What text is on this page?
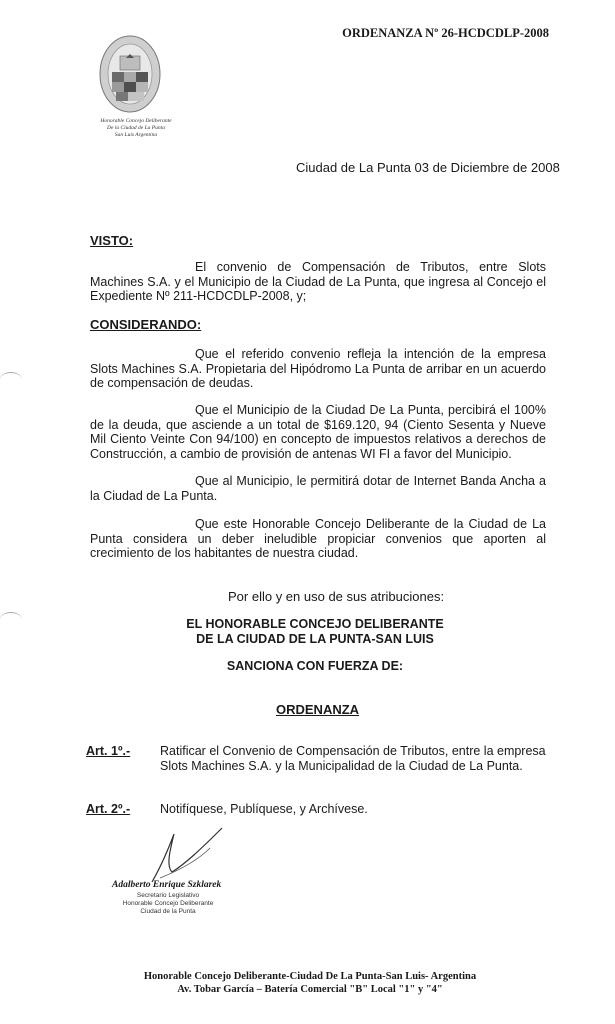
ORDENANZA Nº 26-HCDCDLP-2008
Honorable Concejo Deliberante
De la Ciudad de La Punta
San Luis Argentina
Ciudad de La Punta 03 de Diciembre de 2008
VISTO:
El convenio de Compensación de Tributos, entre Slots Machines S.A. y el Municipio de la Ciudad de La Punta, que ingresa al Concejo el Expediente Nº 211-HCDCDLP-2008, y;
CONSIDERANDO:
Que el referido convenio refleja la intención de la empresa Slots Machines S.A. Propietaria del Hipódromo La Punta de arribar en un acuerdo de compensación de deudas.
Que el Municipio de la Ciudad De La Punta, percibirá el 100% de la deuda, que asciende a un total de $169.120, 94 (Ciento Sesenta y Nueve Mil Ciento Veinte Con 94/100) en concepto de impuestos relativos a derechos de Construcción, a cambio de provisión de antenas WI FI a favor del Municipio.
Que al Municipio, le permitirá dotar de Internet Banda Ancha a la Ciudad de La Punta.
Que este Honorable Concejo Deliberante de la Ciudad de La Punta considera un deber ineludible propiciar convenios que aporten al crecimiento de los habitantes de nuestra ciudad.
Por ello y en uso de sus atribuciones:
EL HONORABLE CONCEJO DELIBERANTE
DE LA CIUDAD DE LA PUNTA-SAN LUIS
SANCIONA CON FUERZA DE:
ORDENANZA
Art. 1º.- Ratificar el Convenio de Compensación de Tributos, entre la empresa Slots Machines S.A. y la Municipalidad de la Ciudad de La Punta.
Art. 2º.- Notifíquese, Publíquese, y Archívese.
Adalberto Enrique Szklarek
Secretario Legislativo
Honorable Concejo Deliberante
Ciudad de la Punta
Honorable Concejo Deliberante-Ciudad De La Punta-San Luis- Argentina
Av. Tobar García – Batería Comercial "B" Local "1" y "4"
